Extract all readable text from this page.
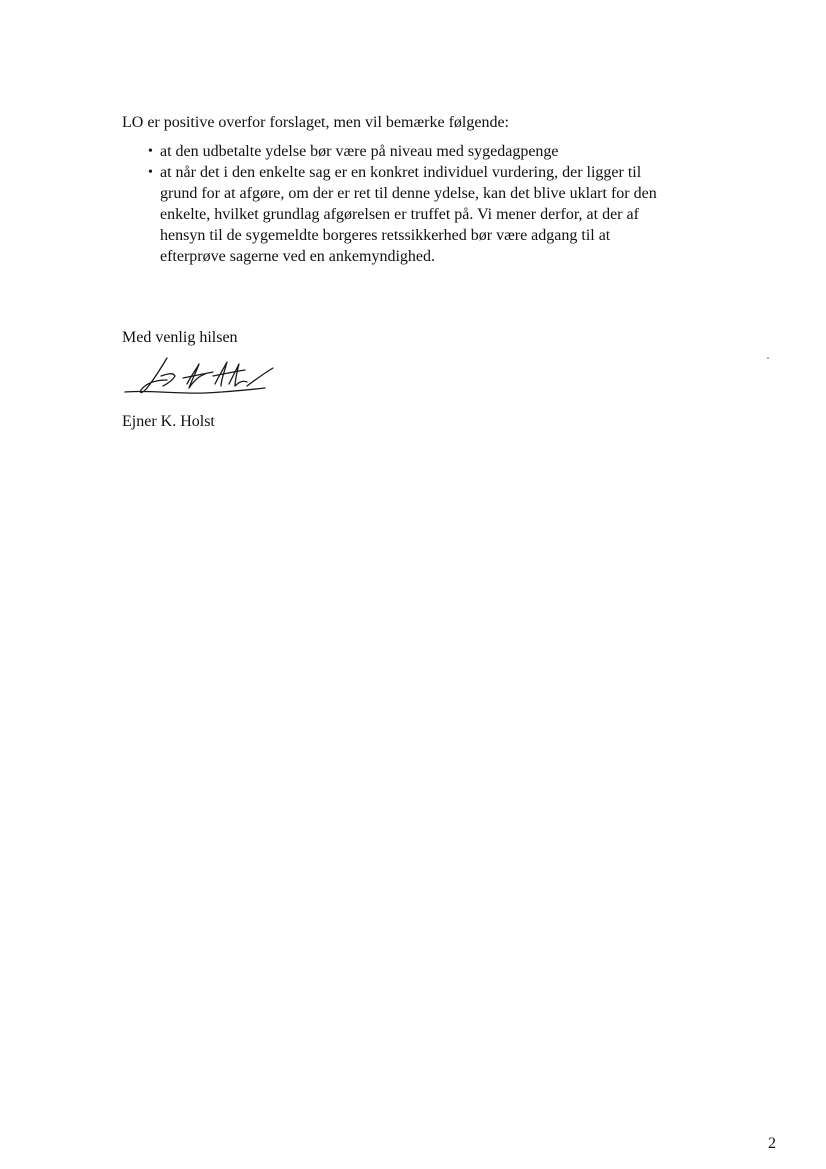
LO er positive overfor forslaget, men vil bemærke følgende:

• at den udbetalte ydelse bør være på niveau med sygedagpenge
• at når det i den enkelte sag er en konkret individuel vurdering, der ligger til
grund for at afgøre, om der er ret til denne ydelse, kan det blive uklart for den
enkelte, hvilket grundlag afgørelsen er truffet på. Vi mener derfor, at der af
hensyn til de sygemeldte borgeres retssikkerhed bør være adgang til at
efterprøve sagerne ved en ankemyndighed.

Med venlig hilsen

Ejner K. Holst

2
